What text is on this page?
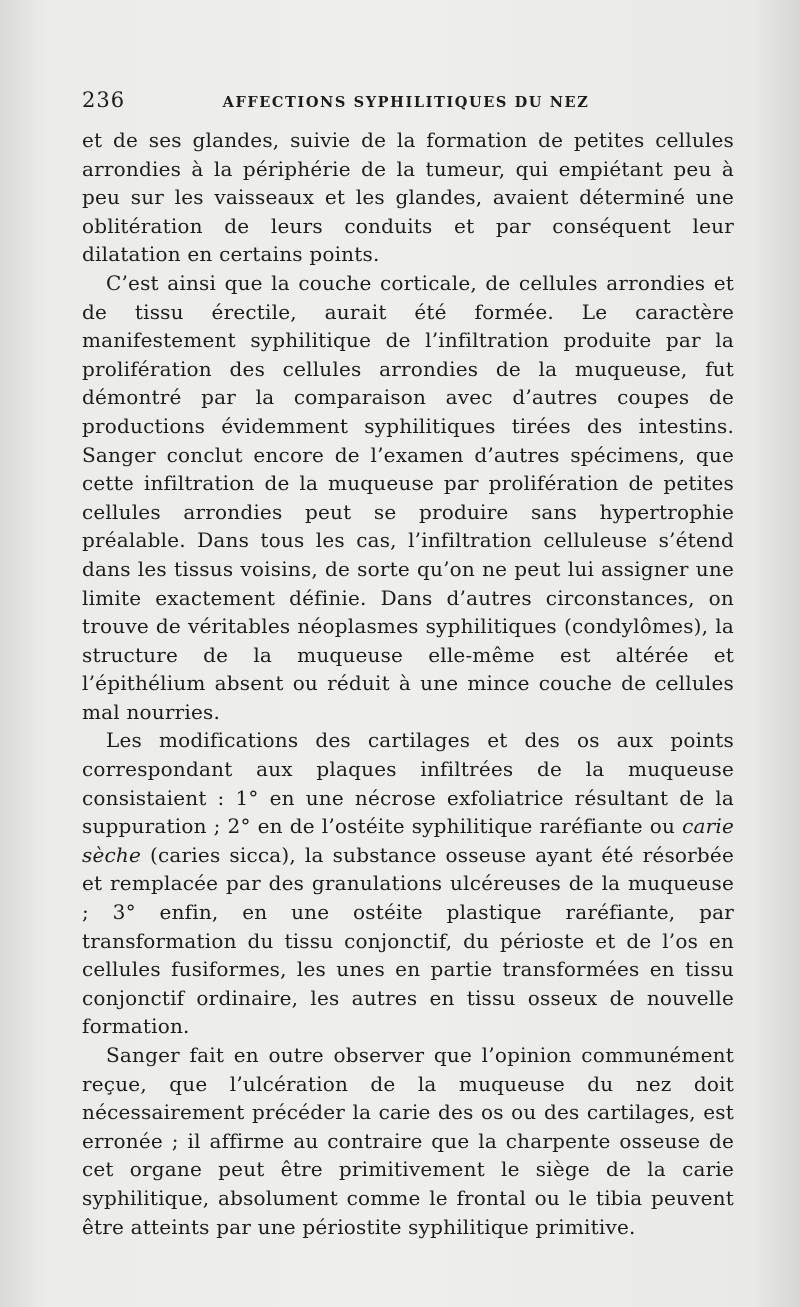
236	AFFECTIONS SYPHILITIQUES DU NEZ

et de ses glandes, suivie de la formation de petites cellules arrondies à la périphérie de la tumeur, qui empiétant peu à peu sur les vaisseaux et les glandes, avaient déterminé une oblitération de leurs conduits et par conséquent leur dilatation en certains points.

C’est ainsi que la couche corticale, de cellules arrondies et de tissu érectile, aurait été formée. Le caractère manifestement syphilitique de l’infiltration produite par la prolifération des cellules arrondies de la muqueuse, fut démontré par la comparaison avec d’autres coupes de productions évidemment syphilitiques tirées des intestins. Sanger conclut encore de l’examen d’autres spécimens, que cette infiltration de la muqueuse par prolifération de petites cellules arrondies peut se produire sans hypertrophie préalable. Dans tous les cas, l’infiltration celluleuse s’étend dans les tissus voisins, de sorte qu’on ne peut lui assigner une limite exactement définie. Dans d’autres circonstances, on trouve de véritables néoplasmes syphilitiques (condylômes), la structure de la muqueuse elle-même est altérée et l’épithélium absent ou réduit à une mince couche de cellules mal nourries.

Les modifications des cartilages et des os aux points correspondant aux plaques infiltrées de la muqueuse consistaient : 1° en une nécrose exfoliatrice résultant de la suppuration ; 2° en de l’ostéite syphilitique raréfiante ou carie sèche (caries sicca), la substance osseuse ayant été résorbée et remplacée par des granulations ulcéreuses de la muqueuse ; 3° enfin, en une ostéite plastique raréfiante, par transformation du tissu conjonctif, du périoste et de l’os en cellules fusiformes, les unes en partie transformées en tissu conjonctif ordinaire, les autres en tissu osseux de nouvelle formation.

Sanger fait en outre observer que l’opinion communément reçue, que l’ulcération de la muqueuse du nez doit nécessairement précéder la carie des os ou des cartilages, est erronée ; il affirme au contraire que la charpente osseuse de cet organe peut être primitivement le siège de la carie syphilitique, absolument comme le frontal ou le tibia peuvent être atteints par une périostite syphilitique primitive.
